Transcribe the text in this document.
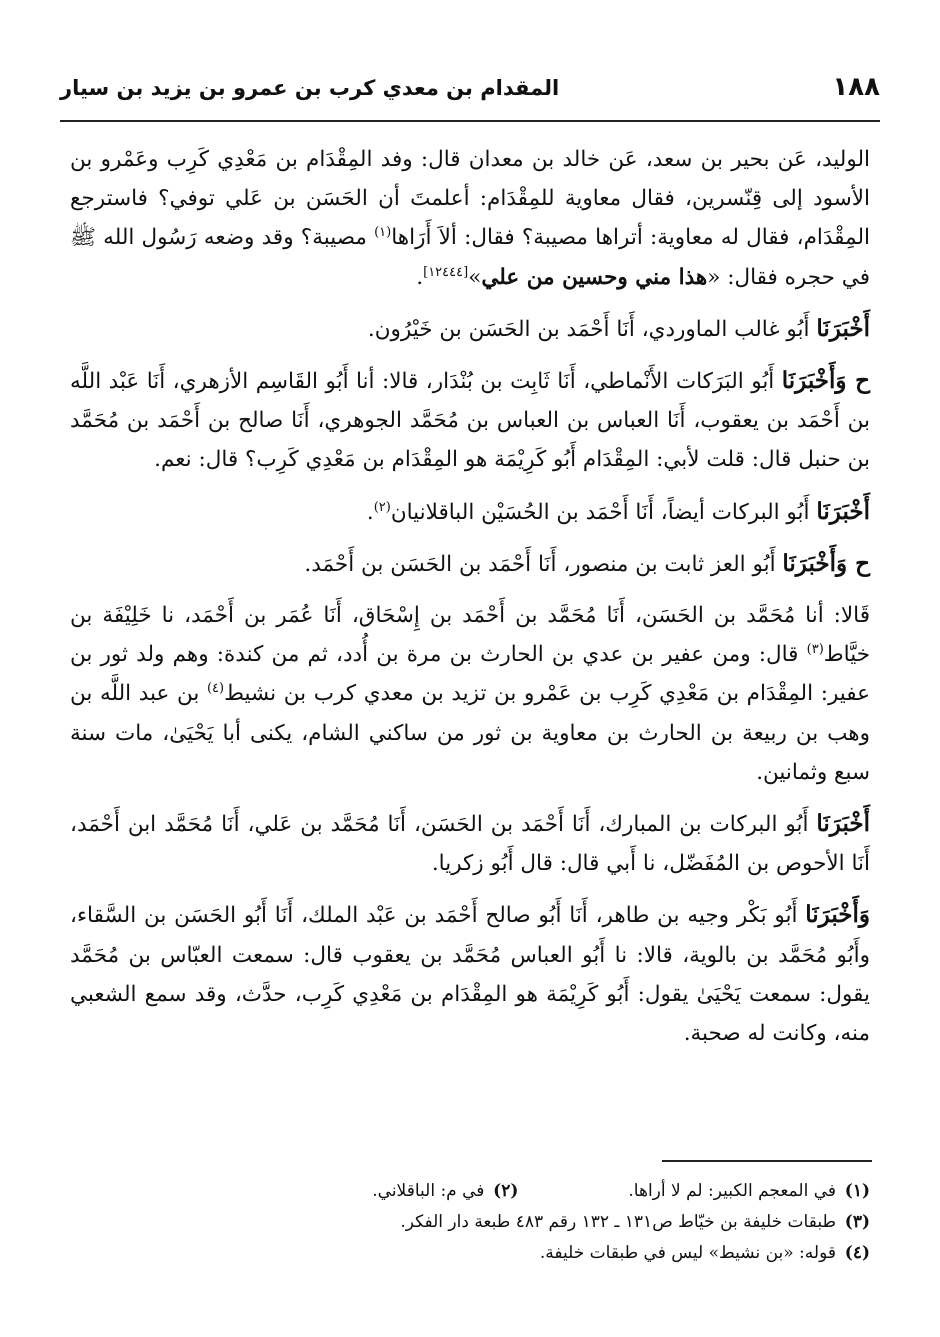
١٨٨
المقدام بن معدي كرب بن عمرو بن يزيد بن سيار

الوليد، عَن بحير بن سعد، عَن خالد بن معدان قال: وفد المِقْدَام بن مَعْدِي كَرِب وعَمْرو بن الأسود إلى قِنّسرين، فقال معاوية للمِقْدَام: أعلمتَ أن الحَسَن بن عَلي توفي؟ فاسترجع المِقْدَام، فقال له معاوية: أتراها مصيبة؟ فقال: ألاَ أَرَاها$^{(١)}$ مصيبة؟ وقد وضعه رَسُول الله ﷺ في حجره فقال: «هذا مني وحسين من علي»[١٢٤٤٤].

أَخْبَرَنَا أَبُو غالب الماوردي، أَنَا أَحْمَد بن الحَسَن بن خَيْرُون.

ح وَأَخْبَرَنَا أَبُو البَرَكات الأَنْماطي، أَنَا ثَابِت بن بُنْدَار، قالا: أنا أَبُو القَاسِم الأزهري، أَنَا عَبْد اللَّه بن أَحْمَد بن يعقوب، أَنَا العباس بن العباس بن مُحَمَّد الجوهري، أَنَا صالح بن أَحْمَد بن مُحَمَّد بن حنبل قال: قلت لأبي: المِقْدَام أَبُو كَرِيْمَة هو المِقْدَام بن مَعْدِي كَرِب؟ قال: نعم.

أَخْبَرَنَا أَبُو البركات أيضاً، أَنَا أَحْمَد بن الحُسَيْن الباقلانيان$^{(٢)}$.

ح وَأَخْبَرَنَا أَبُو العز ثابت بن منصور، أَنَا أَحْمَد بن الحَسَن بن أَحْمَد.

قَالا: أنا مُحَمَّد بن الحَسَن، أَنَا مُحَمَّد بن أَحْمَد بن إِسْحَاق، أَنَا عُمَر بن أَحْمَد، نا خَلِيْفَة بن خيَّاط$^{(٣)}$ قال: ومن عفير بن عدي بن الحارث بن مرة بن أُدد، ثم من كندة: وهم ولد ثور بن عفير: المِقْدَام بن مَعْدِي كَرِب بن عَمْرو بن تزيد بن معدي كرب بن نشيط$^{(٤)}$ بن عبد اللَّه بن وهب بن ربيعة بن الحارث بن معاوية بن ثور من ساكني الشام، يكنى أبا يَحْيَىٰ، مات سنة سبع وثمانين.

أَخْبَرَنَا أَبُو البركات بن المبارك، أَنَا أَحْمَد بن الحَسَن، أَنَا مُحَمَّد بن عَلي، أَنَا مُحَمَّد ابن أَحْمَد، أَنَا الأحوص بن المُفَضّل، نا أَبي قال: قال أَبُو زكريا.

وَأَخْبَرَنَا أَبُو بَكْر وجيه بن طاهر، أَنَا أَبُو صالح أَحْمَد بن عَبْد الملك، أَنَا أَبُو الحَسَن بن السَّقاء، وأَبُو مُحَمَّد بن بالوية، قالا: نا أَبُو العباس مُحَمَّد بن يعقوب قال: سمعت العبّاس بن مُحَمَّد يقول: سمعت يَحْيَىٰ يقول: أَبُو كَرِيْمَة هو المِقْدَام بن مَعْدِي كَرِب، حدَّث، وقد سمع الشعبي منه، وكانت له صحبة.

(١)في المعجم الكبير: لم لا أراها.(٢)في م: الباقلاني.
(٣)طبقات خليفة بن خيّاط ص١٣١ ـ ١٣٢ رقم ٤٨٣ طبعة دار الفكر.
(٤)قوله: «بن نشيط» ليس في طبقات خليفة.
